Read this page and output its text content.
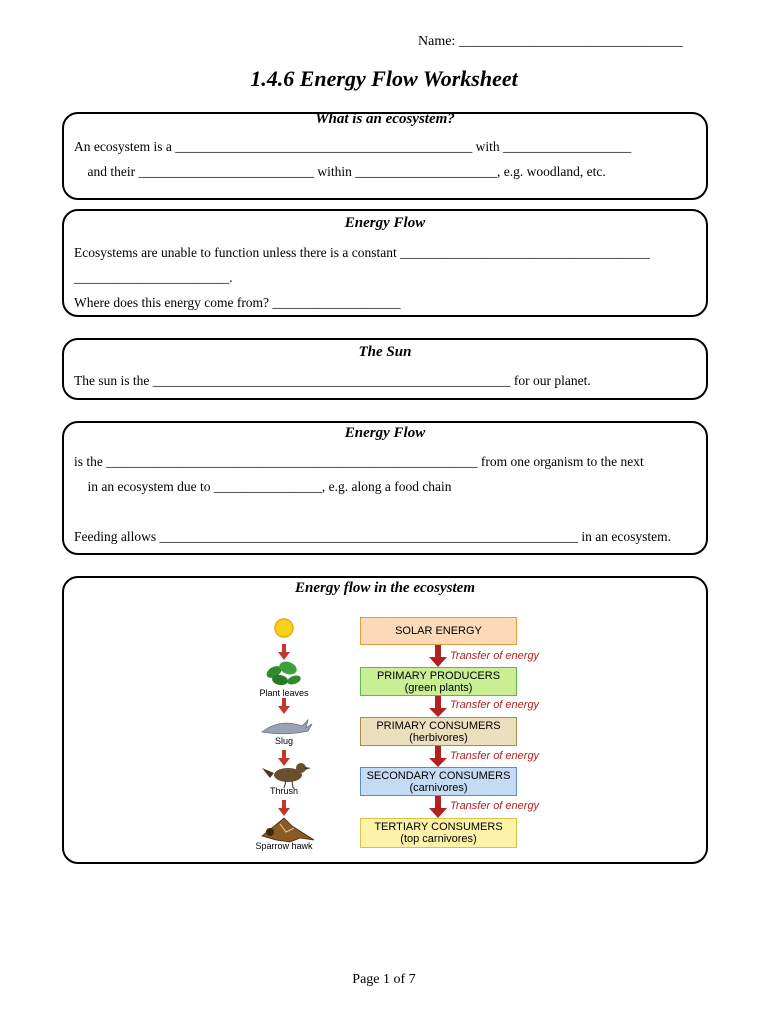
Name: ________________________________
1.4.6 Energy Flow Worksheet
What is an ecosystem?
An ecosystem is a ____________________________________________ with ___________________
and their __________________________ within _____________________, e.g. woodland, etc.
Energy Flow
Ecosystems are unable to function unless there is a constant _____________________________________
_______________________.
Where does this energy come from? ___________________
The Sun
The sun is the _____________________________________________________ for our planet.
Energy Flow
is the _______________________________________________________ from one organism to the next
in an ecosystem due to ________________, e.g. along a food chain
Feeding allows ______________________________________________________________ in an ecosystem.
Energy flow in the ecosystem
Plant leaves
Slug
Thrush
Sparrow hawk
SOLAR ENERGY
PRIMARY PRODUCERS
(green plants)
PRIMARY CONSUMERS
(herbivores)
SECONDARY CONSUMERS
(carnivores)
TERTIARY CONSUMERS
(top carnivores)
Transfer of energy
Transfer of energy
Transfer of energy
Transfer of energy
Page 1 of 7
